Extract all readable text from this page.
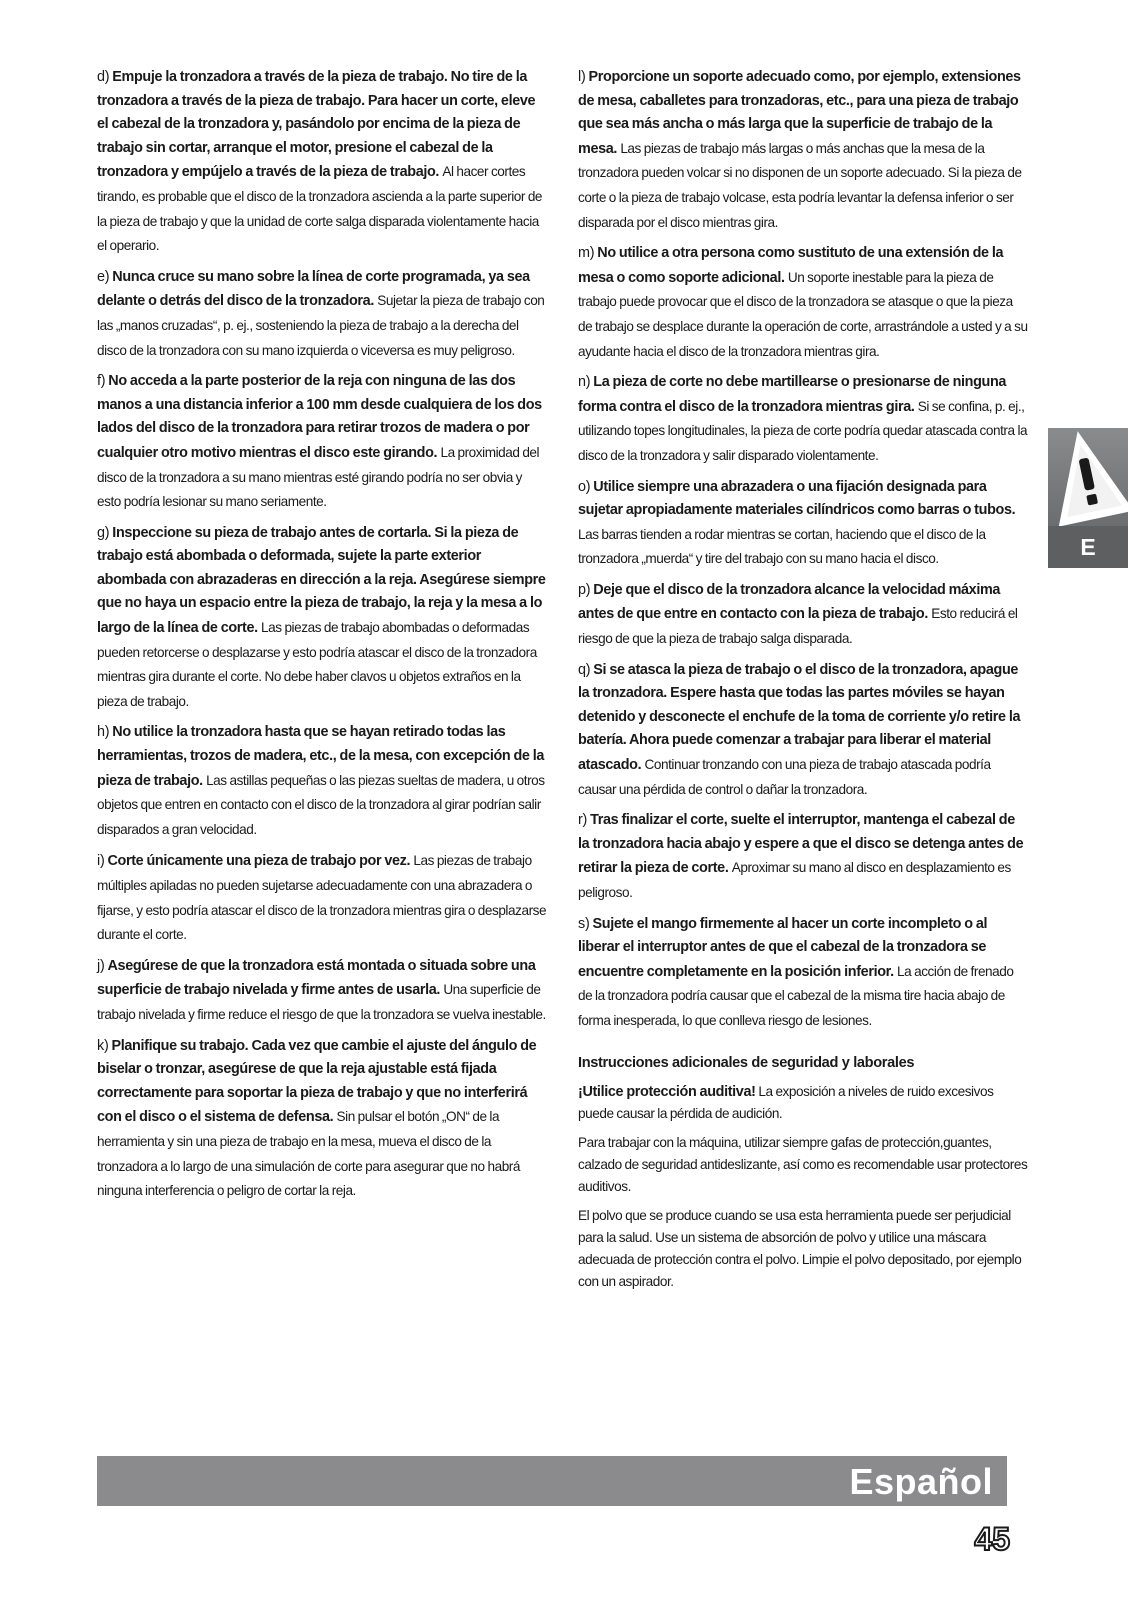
d) Empuje la tronzadora a través de la pieza de trabajo. No tire de la tronzadora a través de la pieza de trabajo. Para hacer un corte, eleve el cabezal de la tronzadora y, pasándolo por encima de la pieza de trabajo sin cortar, arranque el motor, presione el cabezal de la tronzadora y empújelo a través de la pieza de trabajo. Al hacer cortes tirando, es probable que el disco de la tronzadora ascienda a la parte superior de la pieza de trabajo y que la unidad de corte salga disparada violentamente hacia el operario.
e) Nunca cruce su mano sobre la línea de corte programada, ya sea delante o detrás del disco de la tronzadora. Sujetar la pieza de trabajo con las „manos cruzadas“, p. ej., sosteniendo la pieza de trabajo a la derecha del disco de la tronzadora con su mano izquierda o viceversa es muy peligroso.
f) No acceda a la parte posterior de la reja con ninguna de las dos manos a una distancia inferior a 100 mm desde cualquiera de los dos lados del disco de la tronzadora para retirar trozos de madera o por cualquier otro motivo mientras el disco este girando. La proximidad del disco de la tronzadora a su mano mientras esté girando podría no ser obvia y esto podría lesionar su mano seriamente.
g) Inspeccione su pieza de trabajo antes de cortarla. Si la pieza de trabajo está abombada o deformada, sujete la parte exterior abombada con abrazaderas en dirección a la reja. Asegúrese siempre que no haya un espacio entre la pieza de trabajo, la reja y la mesa a lo largo de la línea de corte. Las piezas de trabajo abombadas o deformadas pueden retorcerse o desplazarse y esto podría atascar el disco de la tronzadora mientras gira durante el corte. No debe haber clavos u objetos extraños en la pieza de trabajo.
h) No utilice la tronzadora hasta que se hayan retirado todas las herramientas, trozos de madera, etc., de la mesa, con excepción de la pieza de trabajo. Las astillas pequeñas o las piezas sueltas de madera, u otros objetos que entren en contacto con el disco de la tronzadora al girar podrían salir disparados a gran velocidad.
i) Corte únicamente una pieza de trabajo por vez. Las piezas de trabajo múltiples apiladas no pueden sujetarse adecuadamente con una abrazadera o fijarse, y esto podría atascar el disco de la tronzadora mientras gira o desplazarse durante el corte.
j) Asegúrese de que la tronzadora está montada o situada sobre una superficie de trabajo nivelada y firme antes de usarla. Una superficie de trabajo nivelada y firme reduce el riesgo de que la tronzadora se vuelva inestable.
k) Planifique su trabajo. Cada vez que cambie el ajuste del ángulo de biselar o tronzar, asegúrese de que la reja ajustable está fijada correctamente para soportar la pieza de trabajo y que no interferirá con el disco o el sistema de defensa. Sin pulsar el botón „ON“ de la herramienta y sin una pieza de trabajo en la mesa, mueva el disco de la tronzadora a lo largo de una simulación de corte para asegurar que no habrá ninguna interferencia o peligro de cortar la reja.
l) Proporcione un soporte adecuado como, por ejemplo, extensiones de mesa, caballetes para tronzadoras, etc., para una pieza de trabajo que sea más ancha o más larga que la superficie de trabajo de la mesa. Las piezas de trabajo más largas o más anchas que la mesa de la tronzadora pueden volcar si no disponen de un soporte adecuado. Si la pieza de corte o la pieza de trabajo volcase, esta podría levantar la defensa inferior o ser disparada por el disco mientras gira.
m) No utilice a otra persona como sustituto de una extensión de la mesa o como soporte adicional. Un soporte inestable para la pieza de trabajo puede provocar que el disco de la tronzadora se atasque o que la pieza de trabajo se desplace durante la operación de corte, arrastrándole a usted y a su ayudante hacia el disco de la tronzadora mientras gira.
n) La pieza de corte no debe martillearse o presionarse de ninguna forma contra el disco de la tronzadora mientras gira. Si se confina, p. ej., utilizando topes longitudinales, la pieza de corte podría quedar atascada contra la disco de la tronzadora y salir disparado violentamente.
o) Utilice siempre una abrazadera o una fijación designada para sujetar apropiadamente materiales cilíndricos como barras o tubos. Las barras tienden a rodar mientras se cortan, haciendo que el disco de la tronzadora „muerda“ y tire del trabajo con su mano hacia el disco.
p) Deje que el disco de la tronzadora alcance la velocidad máxima antes de que entre en contacto con la pieza de trabajo. Esto reducirá el riesgo de que la pieza de trabajo salga disparada.
q) Si se atasca la pieza de trabajo o el disco de la tronzadora, apague la tronzadora. Espere hasta que todas las partes móviles se hayan detenido y desconecte el enchufe de la toma de corriente y/o retire la batería. Ahora puede comenzar a trabajar para liberar el material atascado. Continuar tronzando con una pieza de trabajo atascada podría causar una pérdida de control o dañar la tronzadora.
r) Tras finalizar el corte, suelte el interruptor, mantenga el cabezal de la tronzadora hacia abajo y espere a que el disco se detenga antes de retirar la pieza de corte. Aproximar su mano al disco en desplazamiento es peligroso.
s) Sujete el mango firmemente al hacer un corte incompleto o al liberar el interruptor antes de que el cabezal de la tronzadora se encuentre completamente en la posición inferior. La acción de frenado de la tronzadora podría causar que el cabezal de la misma tire hacia abajo de forma inesperada, lo que conlleva riesgo de lesiones.
Instrucciones adicionales de seguridad y laborales
¡Utilice protección auditiva! La exposición a niveles de ruido excesivos puede causar la pérdida de audición.
Para trabajar con la máquina, utilizar siempre gafas de protección,guantes, calzado de seguridad antideslizante, así como es recomendable usar protectores auditivos.
El polvo que se produce cuando se usa esta herramienta puede ser perjudicial para la salud. Use un sistema de absorción de polvo y utilice una máscara adecuada de protección contra el polvo. Limpie el polvo depositado, por ejemplo con un aspirador.
E
Español
45
